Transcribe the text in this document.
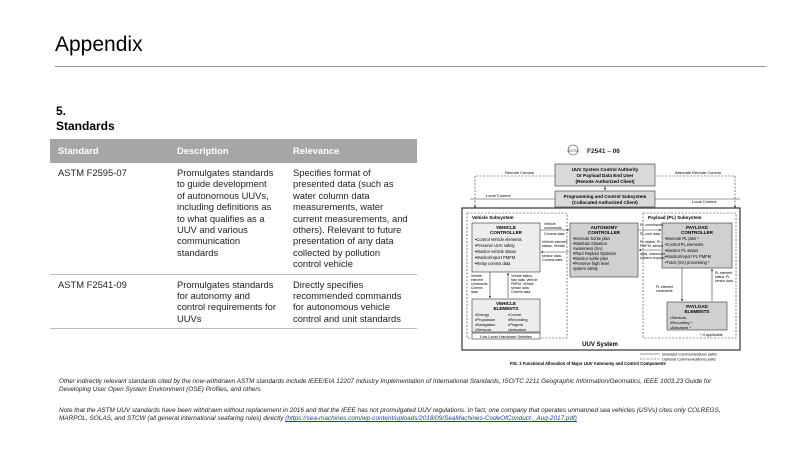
Appendix
5.
Standards
Standard	Description	Relevance
ASTM F2595-07	Promulgates standards to guide development of autonomous UUVs, including definitions as to what qualifies as a UUV and various communication standards	Specifies format of presented data (such as water column data measurements, water current measurements, and others). Relevant to future presentation of any data collected by pollution control vehicle
ASTM F2541-09	Promulgates standards for autonomy and control requirements for UUVs	Directly specifies recommended commands for autonomous vehicle control and unit standards
ASTM F2541 – 06
UUV System Control Authority
Or Payload Data End User
(Remote Authorized Client)
Remote Comms	Alternate Remote Comms
Programming and Control Subsystem
(Collocated Authorized Client)
Local Comms
Local Comms
UUV System
Vehicle Subsystem	Payload (PL) Subsystem
VEHICLE
CONTROLLER
•Control Vehicle elements
•Preserve UUV safety
•Monitor vehicle status
•Monitor/report PMFM
•Relay comms data
AUTONOMY
CONTROLLER
•Execute Sortie plan
•Maintain Situation
Awareness (SA)
•Plan/ Replan/ Optimize
•Monitor sortie plan
•Preserve high level
system safety
PAYLOAD
CONTROLLER
•Execute PL plan *
•Control PL elements
•Monitor PL status
•Monitor/report PL PMFM
•Track (SA) processing *
Vehicle
commands,
Comms data
Vehicle element
status, Vehicle
sensor data,
Comms data
PL commands,
PL com data
PL status, PL
PMFM, sensor
data, maneuver
sustem request
Vehicle
element
commands,
Comms
data
Vehicle status,
Nav data, Vehicle
PMFM, Vehicle
sensor data,
Comms data
VEHICLE
ELEMENTS
•Energy
•Propulsion
•Navigation
•Sensors
•Comm
•Recording
•Pingers
•Actuators
Low Level Hardware Safeties
PL element
commands
PL element
status, PL
sensor data
PAYLOAD
ELEMENTS
•Sensors
•Recording *
•Actuators *
* If applicable
Standard Communications paths
Optional Communications paths
FIG. 3 Functional Allocation of Major UUV Autonomy and Control Components
Other indirectly relevant standards cited by the now-withdrawn ASTM standards include IEEE/EIA 12207 Industry Implementation of International Standards, ISO/TC 2211 Geographic Information/Geomatics, IEEE 1003.23 Guide for Developing User Open System Environment (OSE) Profiles, and others
Note that the ASTM UUV standards have been withdrawn without replacement in 2016 and that the IEEE has not promulgated UUV regulations. In fact, one company that operates unmanned sea vehicles (USVs) cites only COLREGS, MARPOL, SOLAS, and STCW (all general international seafaring rules) directly (https://sea-machines.com/wp-content/uploads/2018/09/SeaMachines-CodeOfConduct-_Aug-2017.pdf)
